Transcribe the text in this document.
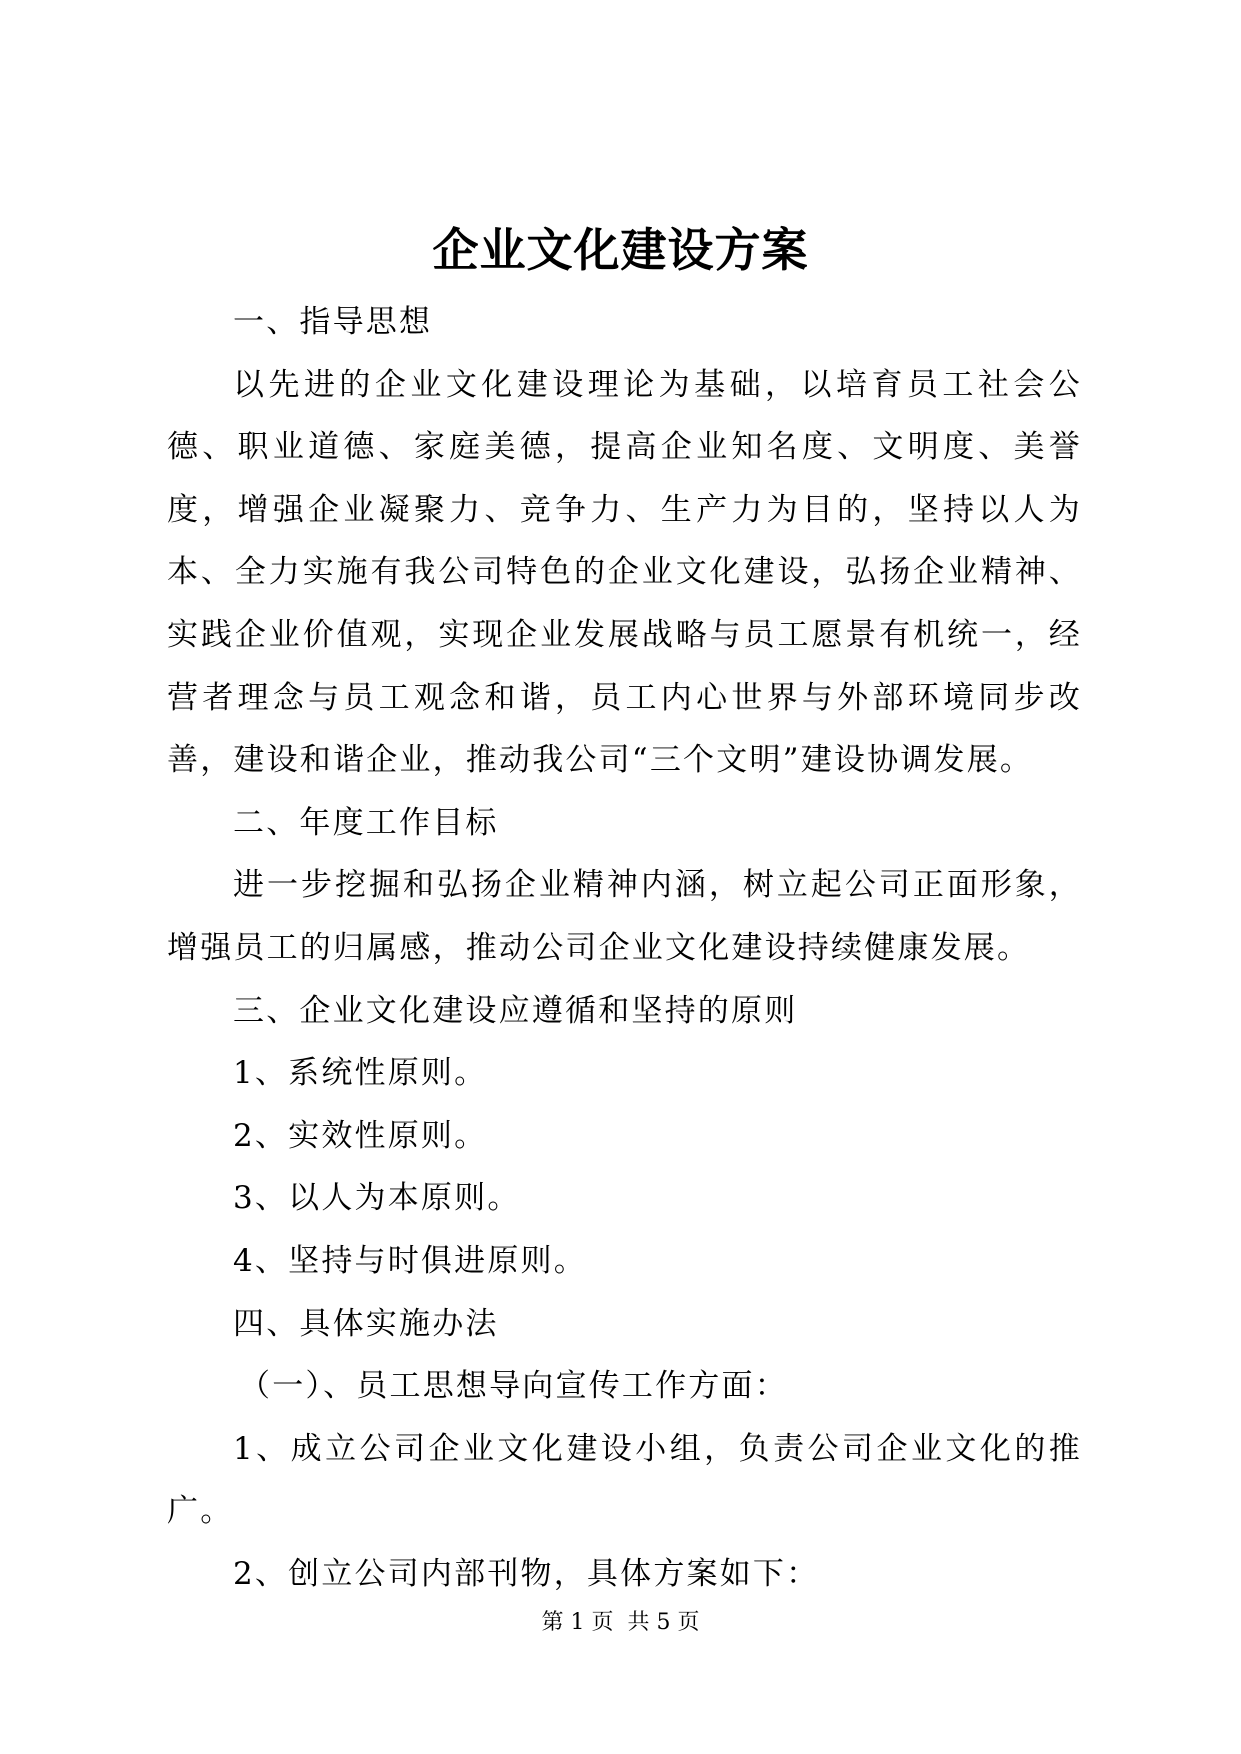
企业文化建设方案

一、指导思想

以先进的企业文化建设理论为基础，以培育员工社会公德、职业道德、家庭美德，提高企业知名度、文明度、美誉度，增强企业凝聚力、竞争力、生产力为目的，坚持以人为本、全力实施有我公司特色的企业文化建设，弘扬企业精神、实践企业价值观，实现企业发展战略与员工愿景有机统一，经营者理念与员工观念和谐，员工内心世界与外部环境同步改善，建设和谐企业，推动我公司“三个文明”建设协调发展。

二、年度工作目标

进一步挖掘和弘扬企业精神内涵，树立起公司正面形象，增强员工的归属感，推动公司企业文化建设持续健康发展。

三、企业文化建设应遵循和坚持的原则

1、系统性原则。

2、实效性原则。

3、以人为本原则。

4、坚持与时俱进原则。

四、具体实施办法

（一）、员工思想导向宣传工作方面：

1、成立公司企业文化建设小组，负责公司企业文化的推广。

2、创立公司内部刊物，具体方案如下：

第 1 页  共 5 页
